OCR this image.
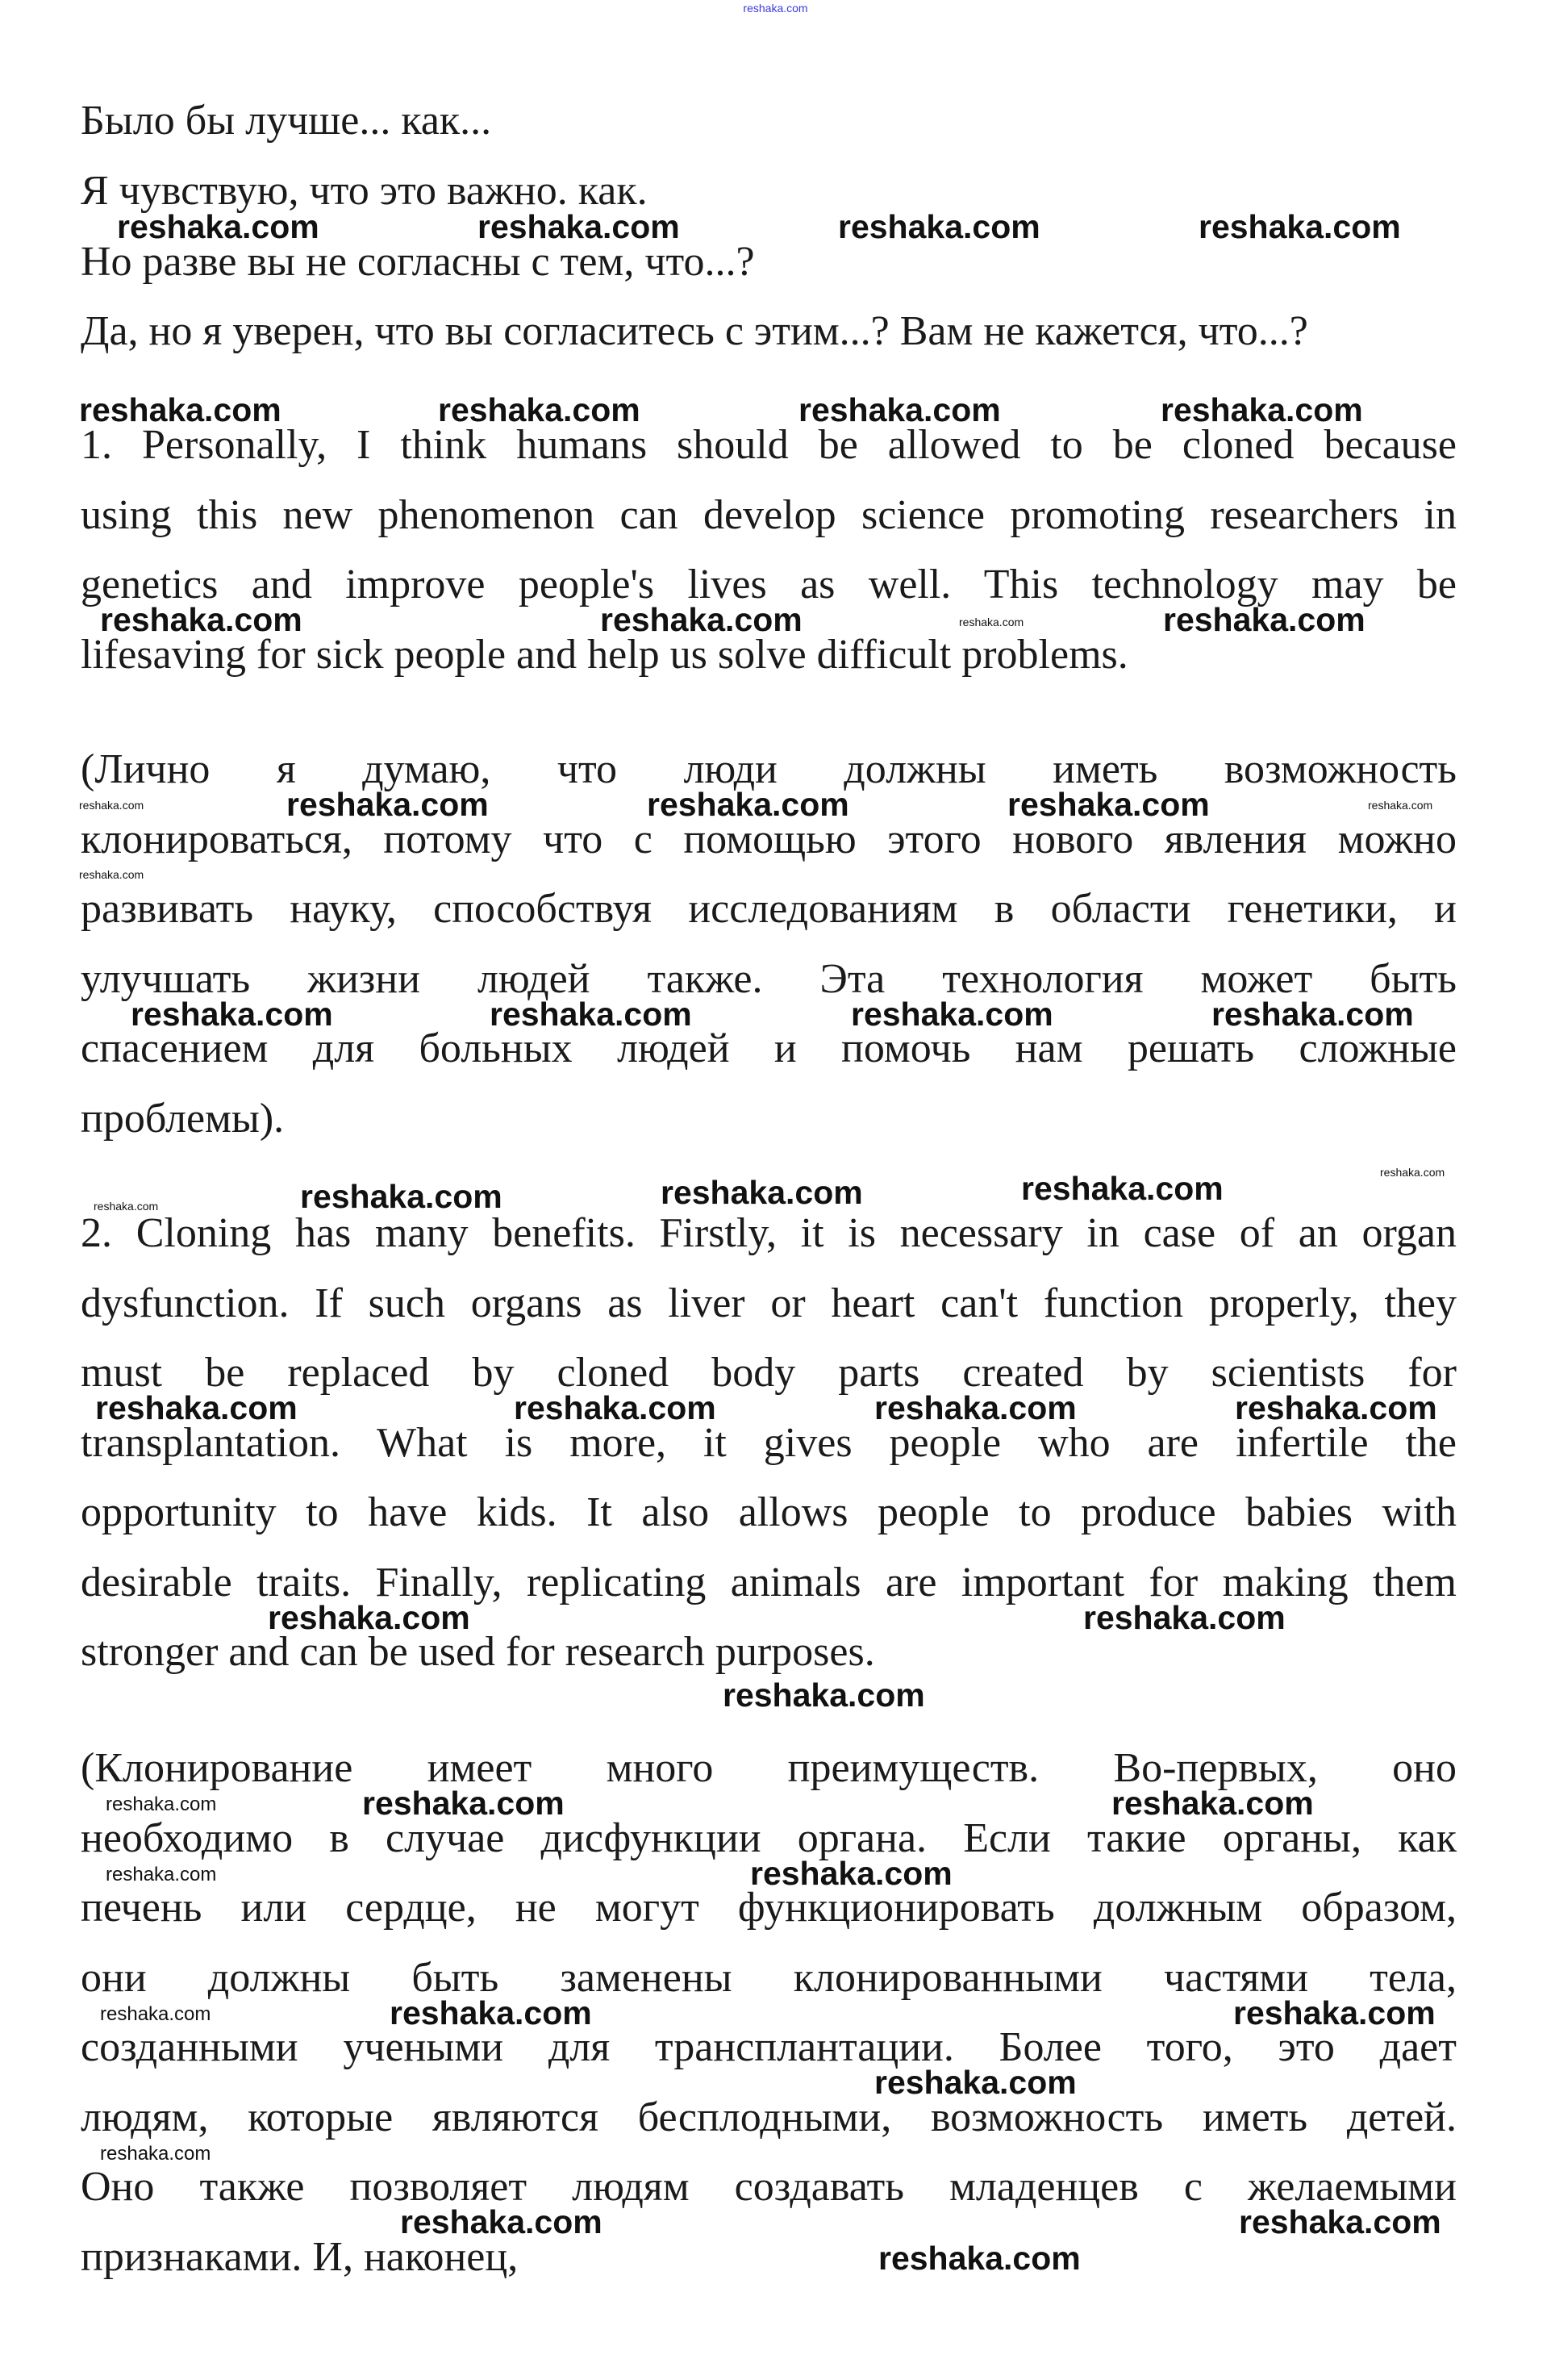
reshaka.com
Было бы лучше... как...
Я чувствую, что это важно. как.
Но разве вы не согласны с тем, что...?
Да, но я уверен, что вы согласитесь с этим...? Вам не кажется, что...?
1. Personally, I think humans should be allowed to be cloned because
using this new phenomenon can develop science promoting researchers in
genetics and improve people's lives as well. This technology may be
lifesaving for sick people and help us solve difficult problems.
(Лично я думаю, что люди должны иметь возможность
клонироваться, потому что с помощью этого нового явления можно
развивать науку, способствуя исследованиям в области генетики, и
улучшать жизни людей также. Эта технология может быть
спасением для больных людей и помочь нам решать сложные
проблемы).
2. Cloning has many benefits. Firstly, it is necessary in case of an organ
dysfunction. If such organs as liver or heart can't function properly, they
must be replaced by cloned body parts created by scientists for
transplantation. What is more, it gives people who are infertile the
opportunity to have kids. It also allows people to produce babies with
desirable traits. Finally, replicating animals are important for making them
stronger and can be used for research purposes.
(Клонирование имеет много преимуществ. Во-первых, оно
необходимо в случае дисфункции органа. Если такие органы, как
печень или сердце, не могут функционировать должным образом,
они должны быть заменены клонированными частями тела,
созданными учеными для трансплантации. Более того, это дает
людям, которые являются бесплодными, возможность иметь детей.
Оно также позволяет людям создавать младенцев с желаемыми
признаками. И, наконец,
reshaka.com	reshaka.com	reshaka.com	reshaka.com
reshaka.com	reshaka.com	reshaka.com	reshaka.com
reshaka.com	reshaka.com	reshaka.com
reshaka.com	reshaka.com	reshaka.com
reshaka.com	reshaka.com	reshaka.com	reshaka.com
reshaka.com	reshaka.com	reshaka.com
reshaka.com	reshaka.com	reshaka.com	reshaka.com
reshaka.com	reshaka.com
reshaka.com
reshaka.com	reshaka.com
reshaka.com
reshaka.com	reshaka.com
reshaka.com
reshaka.com	reshaka.com
reshaka.com
reshaka.com
reshaka.com
reshaka.com
reshaka.com
reshaka.com
reshaka.com
reshaka.com
reshaka.com
reshaka.com
reshaka.com
